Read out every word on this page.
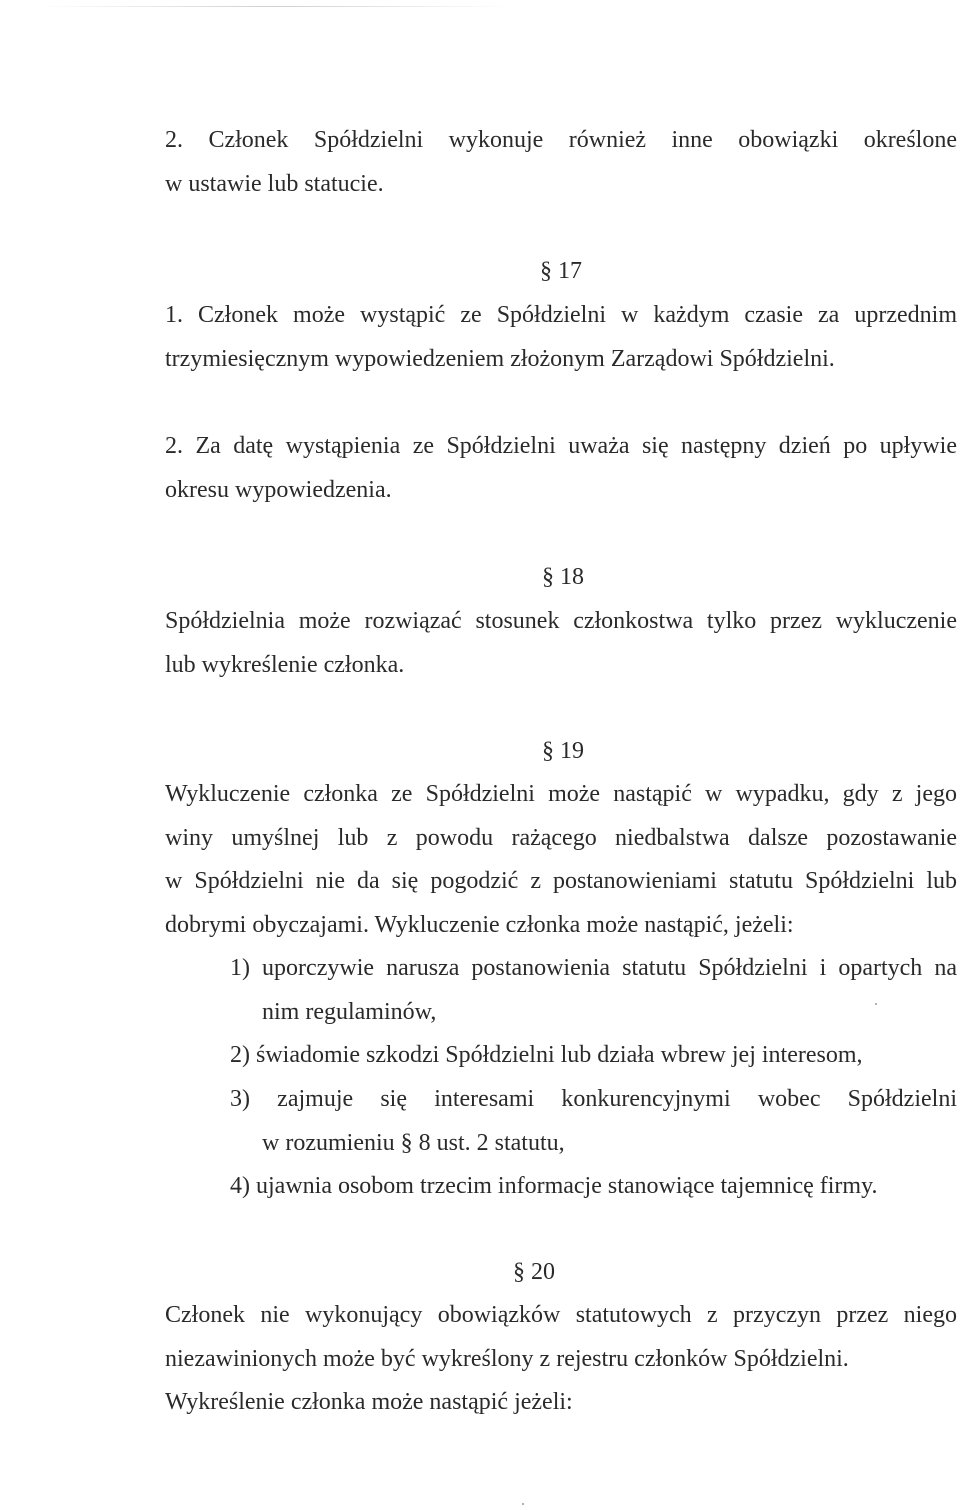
2. Członek Spółdzielni wykonuje również inne obowiązki określone

w ustawie lub statucie.

§ 17

1. Członek może wystąpić ze Spółdzielni w każdym czasie za uprzednim

trzymiesięcznym wypowiedzeniem złożonym Zarządowi Spółdzielni.

2. Za datę wystąpienia ze Spółdzielni uważa się następny dzień po upływie

okresu wypowiedzenia.

§ 18

Spółdzielnia może rozwiązać stosunek członkostwa tylko przez wykluczenie

lub wykreślenie członka.

§ 19

Wykluczenie członka ze Spółdzielni może nastąpić w wypadku, gdy z jego

winy umyślnej lub z powodu rażącego niedbalstwa dalsze pozostawanie

w Spółdzielni nie da się pogodzić z postanowieniami statutu Spółdzielni lub

dobrymi obyczajami. Wykluczenie członka może nastąpić, jeżeli:

1) uporczywie narusza postanowienia statutu Spółdzielni i opartych na

nim regulaminów,

2) świadomie szkodzi Spółdzielni lub działa wbrew jej interesom,

3) zajmuje się interesami konkurencyjnymi wobec Spółdzielni

w rozumieniu § 8 ust. 2 statutu,

4) ujawnia osobom trzecim informacje stanowiące tajemnicę firmy.

§ 20

Członek nie wykonujący obowiązków statutowych z przyczyn przez niego

niezawinionych może być wykreślony z rejestru członków Spółdzielni.

Wykreślenie członka może nastąpić jeżeli:
